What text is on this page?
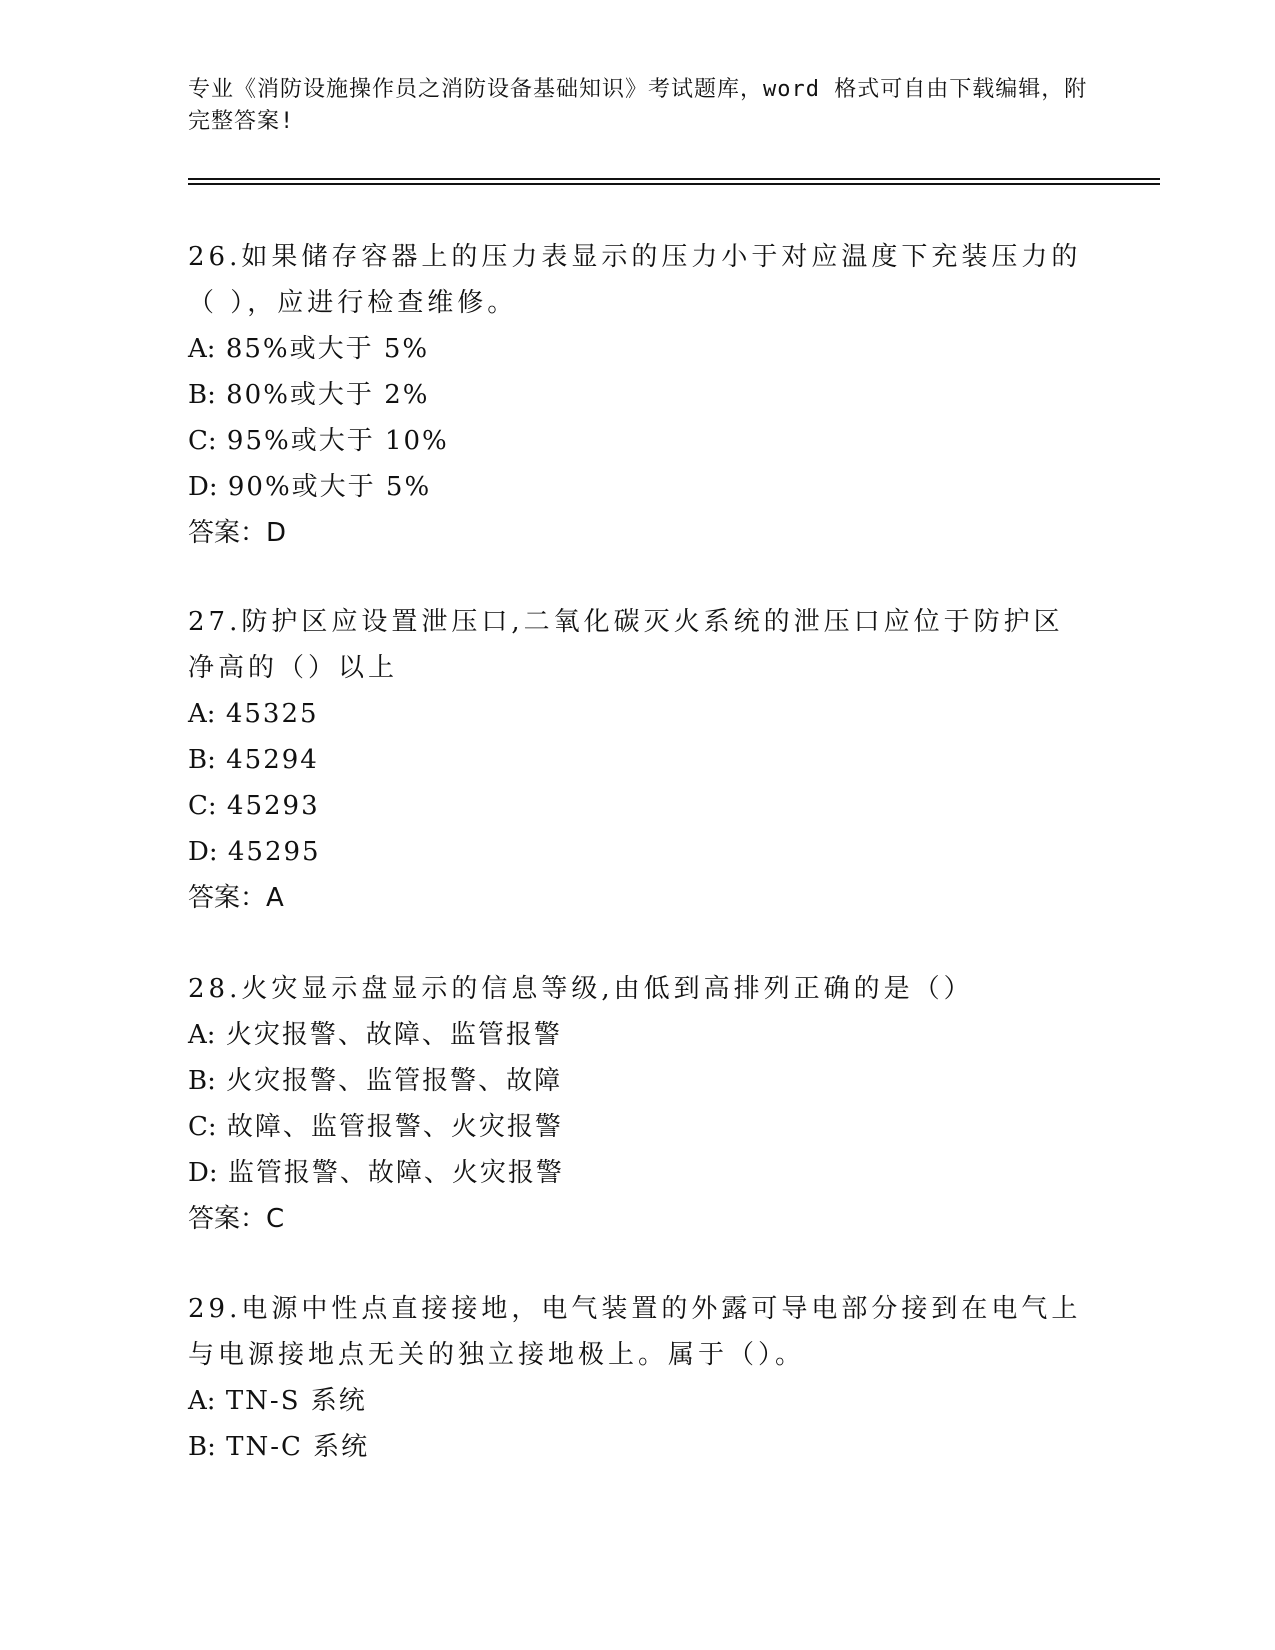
专业《消防设施操作员之消防设备基础知识》考试题库，word 格式可自由下载编辑，附完整答案!

26.如果储存容器上的压力表显示的压力小于对应温度下充装压力的（ ），应进行检查维修。

A: 85%或大于 5%

B: 80%或大于 2%

C: 95%或大于 10%

D: 90%或大于 5%

答案：D

27.防护区应设置泄压口,二氧化碳灭火系统的泄压口应位于防护区净高的（）以上

A: 45325

B: 45294

C: 45293

D: 45295

答案：A

28.火灾显示盘显示的信息等级,由低到高排列正确的是（）

A: 火灾报警、故障、监管报警

B: 火灾报警、监管报警、故障

C: 故障、监管报警、火灾报警

D: 监管报警、故障、火灾报警

答案：C

29.电源中性点直接接地，电气装置的外露可导电部分接到在电气上与电源接地点无关的独立接地极上。属于（）。

A: TN-S 系统

B: TN-C 系统
